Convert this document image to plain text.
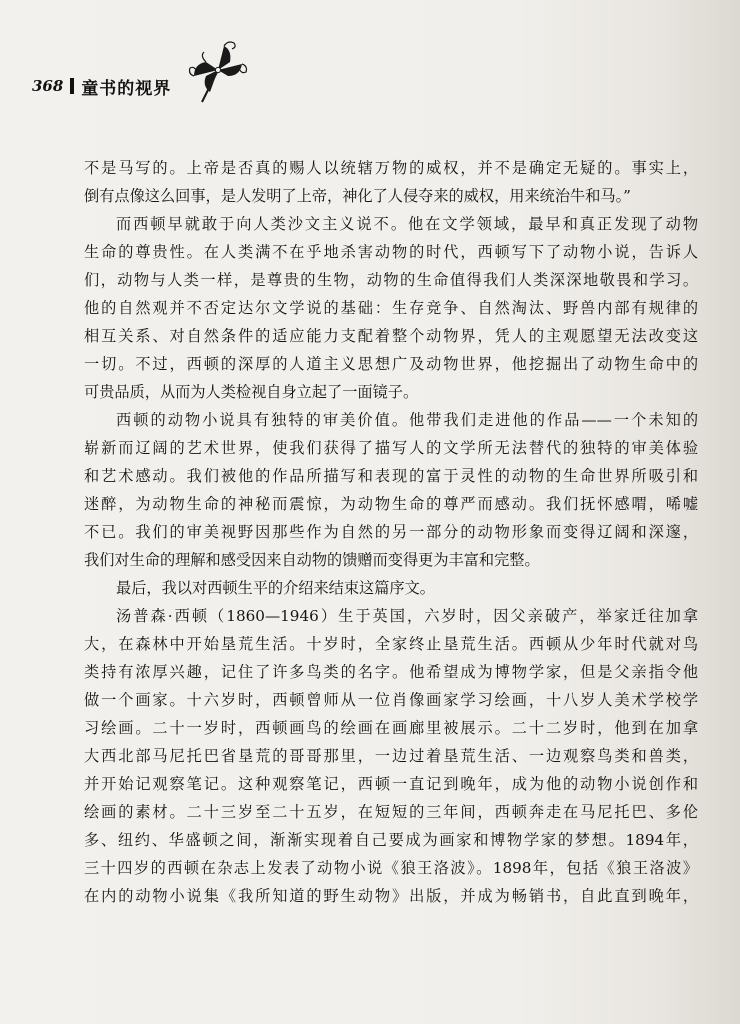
368 童书的视界
不是马写的。上帝是否真的赐人以统辖万物的威权，并不是确定无疑的。事实上，
倒有点像这么回事，是人发明了上帝，神化了人侵夺来的威权，用来统治牛和马。”
而西顿早就敢于向人类沙文主义说不。他在文学领域，最早和真正发现了动物
生命的尊贵性。在人类满不在乎地杀害动物的时代，西顿写下了动物小说，告诉人
们，动物与人类一样，是尊贵的生物，动物的生命值得我们人类深深地敬畏和学习。
他的自然观并不否定达尔文学说的基础：生存竞争、自然淘汰、野兽内部有规律的
相互关系、对自然条件的适应能力支配着整个动物界，凭人的主观愿望无法改变这
一切。不过，西顿的深厚的人道主义思想广及动物世界，他挖掘出了动物生命中的
可贵品质，从而为人类检视自身立起了一面镜子。
西顿的动物小说具有独特的审美价值。他带我们走进他的作品——一个未知的
崭新而辽阔的艺术世界，使我们获得了描写人的文学所无法替代的独特的审美体验
和艺术感动。我们被他的作品所描写和表现的富于灵性的动物的生命世界所吸引和
迷醉，为动物生命的神秘而震惊，为动物生命的尊严而感动。我们抚怀感喟，唏嘘
不已。我们的审美视野因那些作为自然的另一部分的动物形象而变得辽阔和深邃，
我们对生命的理解和感受因来自动物的馈赠而变得更为丰富和完整。
最后，我以对西顿生平的介绍来结束这篇序文。
汤普森·西顿（1860—1946）生于英国，六岁时，因父亲破产，举家迁往加拿
大，在森林中开始垦荒生活。十岁时，全家终止垦荒生活。西顿从少年时代就对鸟
类持有浓厚兴趣，记住了许多鸟类的名字。他希望成为博物学家，但是父亲指令他
做一个画家。十六岁时，西顿曾师从一位肖像画家学习绘画，十八岁人美术学校学
习绘画。二十一岁时，西顿画鸟的绘画在画廊里被展示。二十二岁时，他到在加拿
大西北部马尼托巴省垦荒的哥哥那里，一边过着垦荒生活、一边观察鸟类和兽类，
并开始记观察笔记。这种观察笔记，西顿一直记到晚年，成为他的动物小说创作和
绘画的素材。二十三岁至二十五岁，在短短的三年间，西顿奔走在马尼托巴、多伦
多、纽约、华盛顿之间，渐渐实现着自己要成为画家和博物学家的梦想。1894年，
三十四岁的西顿在杂志上发表了动物小说《狼王洛波》。1898年，包括《狼王洛波》
在内的动物小说集《我所知道的野生动物》出版，并成为畅销书，自此直到晚年，
